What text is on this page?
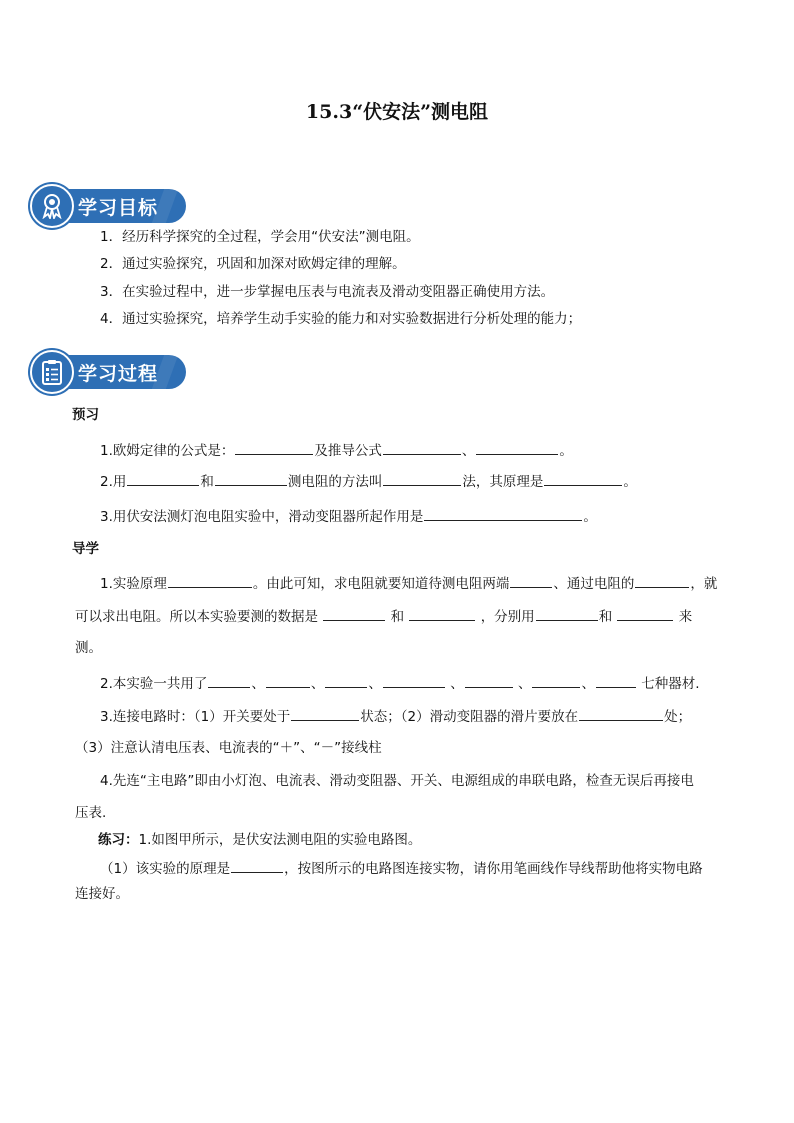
15.3“伏安法”测电阻
学习目标
1．经历科学探究的全过程，学会用“伏安法”测电阻。
2．通过实验探究，巩固和加深对欧姆定律的理解。
3．在实验过程中，进一步掌握电压表与电流表及滑动变阻器正确使用方法。
4．通过实验探究，培养学生动手实验的能力和对实验数据进行分析处理的能力；
学习过程
预习
1.欧姆定律的公式是：	及推导公式	、	。
2.用	和	测电阻的方法叫	法，其原理是	。
3.用伏安法测灯泡电阻实验中，滑动变阻器所起作用是	。
导学
1.实验原理	。由此可知，求电阻就要知道待测电阻两端	、通过电阻的	，就
可以求出电阻。所以本实验要测的数据是	和	，分别用	和	来
测。
2.本实验一共用了	、	、	、	、	、	、	七种器材.
3.连接电路时：（1）开关要处于	状态；（2）滑动变阻器的滑片要放在	处；
（3）注意认清电压表、电流表的“＋”、“－”接线柱
4.先连“主电路”即由小灯泡、电流表、滑动变阻器、开关、电源组成的串联电路，检查无误后再接电
压表.
练习：1.如图甲所示，是伏安法测电阻的实验电路图。
（1）该实验的原理是	，按图所示的电路图连接实物，请你用笔画线作导线帮助他将实物电路
连接好。
